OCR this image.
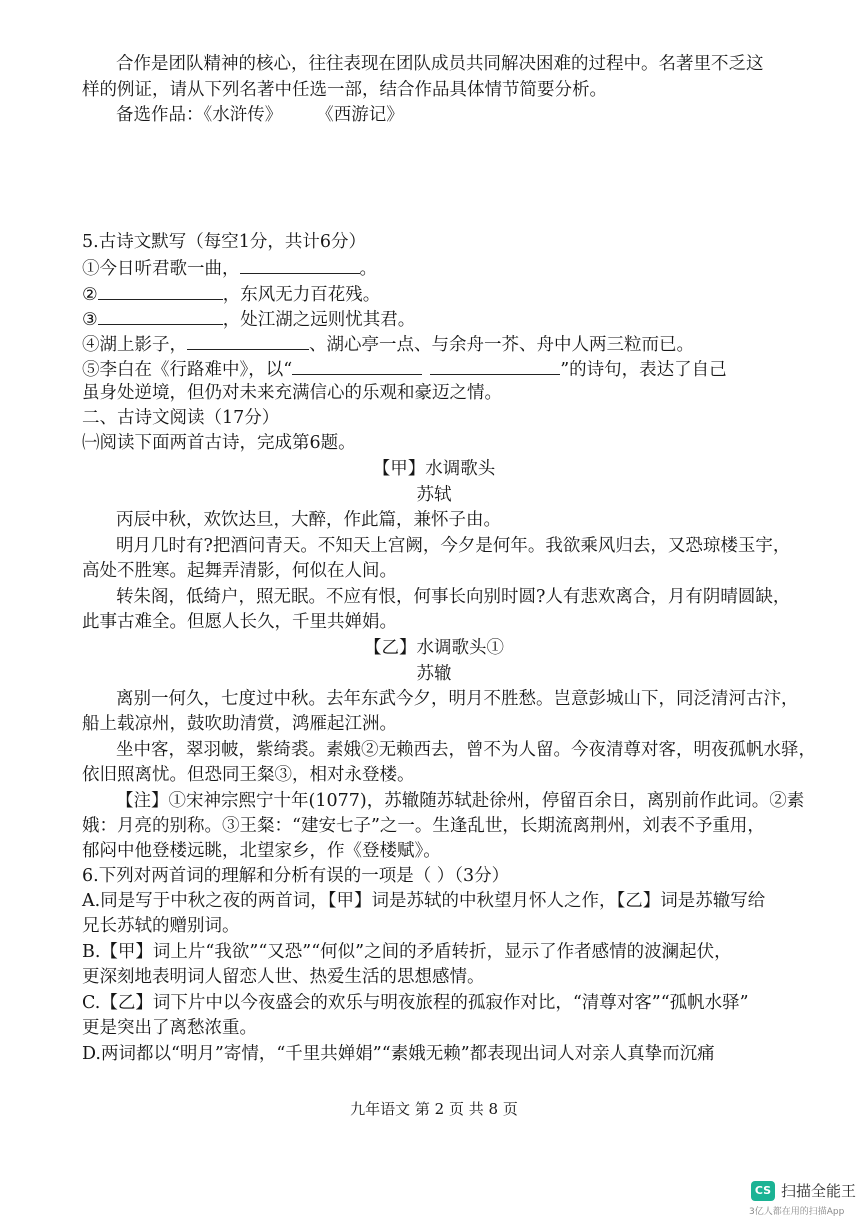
合作是团队精神的核心，往往表现在团队成员共同解决困难的过程中。名著里不乏这
样的例证，请从下列名著中任选一部，结合作品具体情节简要分析。
备选作品：《水浒传》 《西游记》
5.古诗文默写（每空1分，共计6分）
①今日听君歌一曲，	。
②	，东风无力百花残。
③	，处江湖之远则忧其君。
④湖上影子，	、湖心亭一点、与余舟一芥、舟中人两三粒而已。
⑤李白在《行路难中》，以“	”的诗句，表达了自己
虽身处逆境，但仍对未来充满信心的乐观和豪迈之情。
二、古诗文阅读（17分）
㈠阅读下面两首古诗，完成第6题。
【甲】水调歌头
苏轼
丙辰中秋，欢饮达旦，大醉，作此篇，兼怀子由。
明月几时有?把酒问青天。不知天上宫阙，今夕是何年。我欲乘风归去，又恐琼楼玉宇，
高处不胜寒。起舞弄清影，何似在人间。
转朱阁，低绮户，照无眠。不应有恨，何事长向别时圆?人有悲欢离合，月有阴晴圆缺，
此事古难全。但愿人长久，千里共婵娟。
【乙】水调歌头①
苏辙
离别一何久，七度过中秋。去年东武今夕，明月不胜愁。岂意彭城山下，同泛清河古汴，
船上载凉州，鼓吹助清赏，鸿雁起江洲。
坐中客，翠羽帔，紫绮裘。素娥②无赖西去，曾不为人留。今夜清尊对客，明夜孤帆水驿，
依旧照离忧。但恐同王粲③，相对永登楼。
【注】①宋神宗熙宁十年(1077)，苏辙随苏轼赴徐州，停留百余日，离别前作此词。②素
娥：月亮的别称。③王粲：“建安七子”之一。生逢乱世，长期流离荆州，刘表不予重用，
郁闷中他登楼远眺，北望家乡，作《登楼赋》。
6.下列对两首词的理解和分析有误的一项是（ ）（3分）
A.同是写于中秋之夜的两首词，【甲】词是苏轼的中秋望月怀人之作，【乙】词是苏辙写给
兄长苏轼的赠别词。
B.【甲】词上片“我欲”“又恐”“何似”之间的矛盾转折，显示了作者感情的波澜起伏，
更深刻地表明词人留恋人世、热爱生活的思想感情。
C.【乙】词下片中以今夜盛会的欢乐与明夜旅程的孤寂作对比，“清尊对客”“孤帆水驿”
更是突出了离愁浓重。
D.两词都以“明月”寄情，“千里共婵娟”“素娥无赖”都表现出词人对亲人真挚而沉痛
九年语文 第 2 页 共 8 页
CS 扫描全能王
3亿人都在用的扫描App
